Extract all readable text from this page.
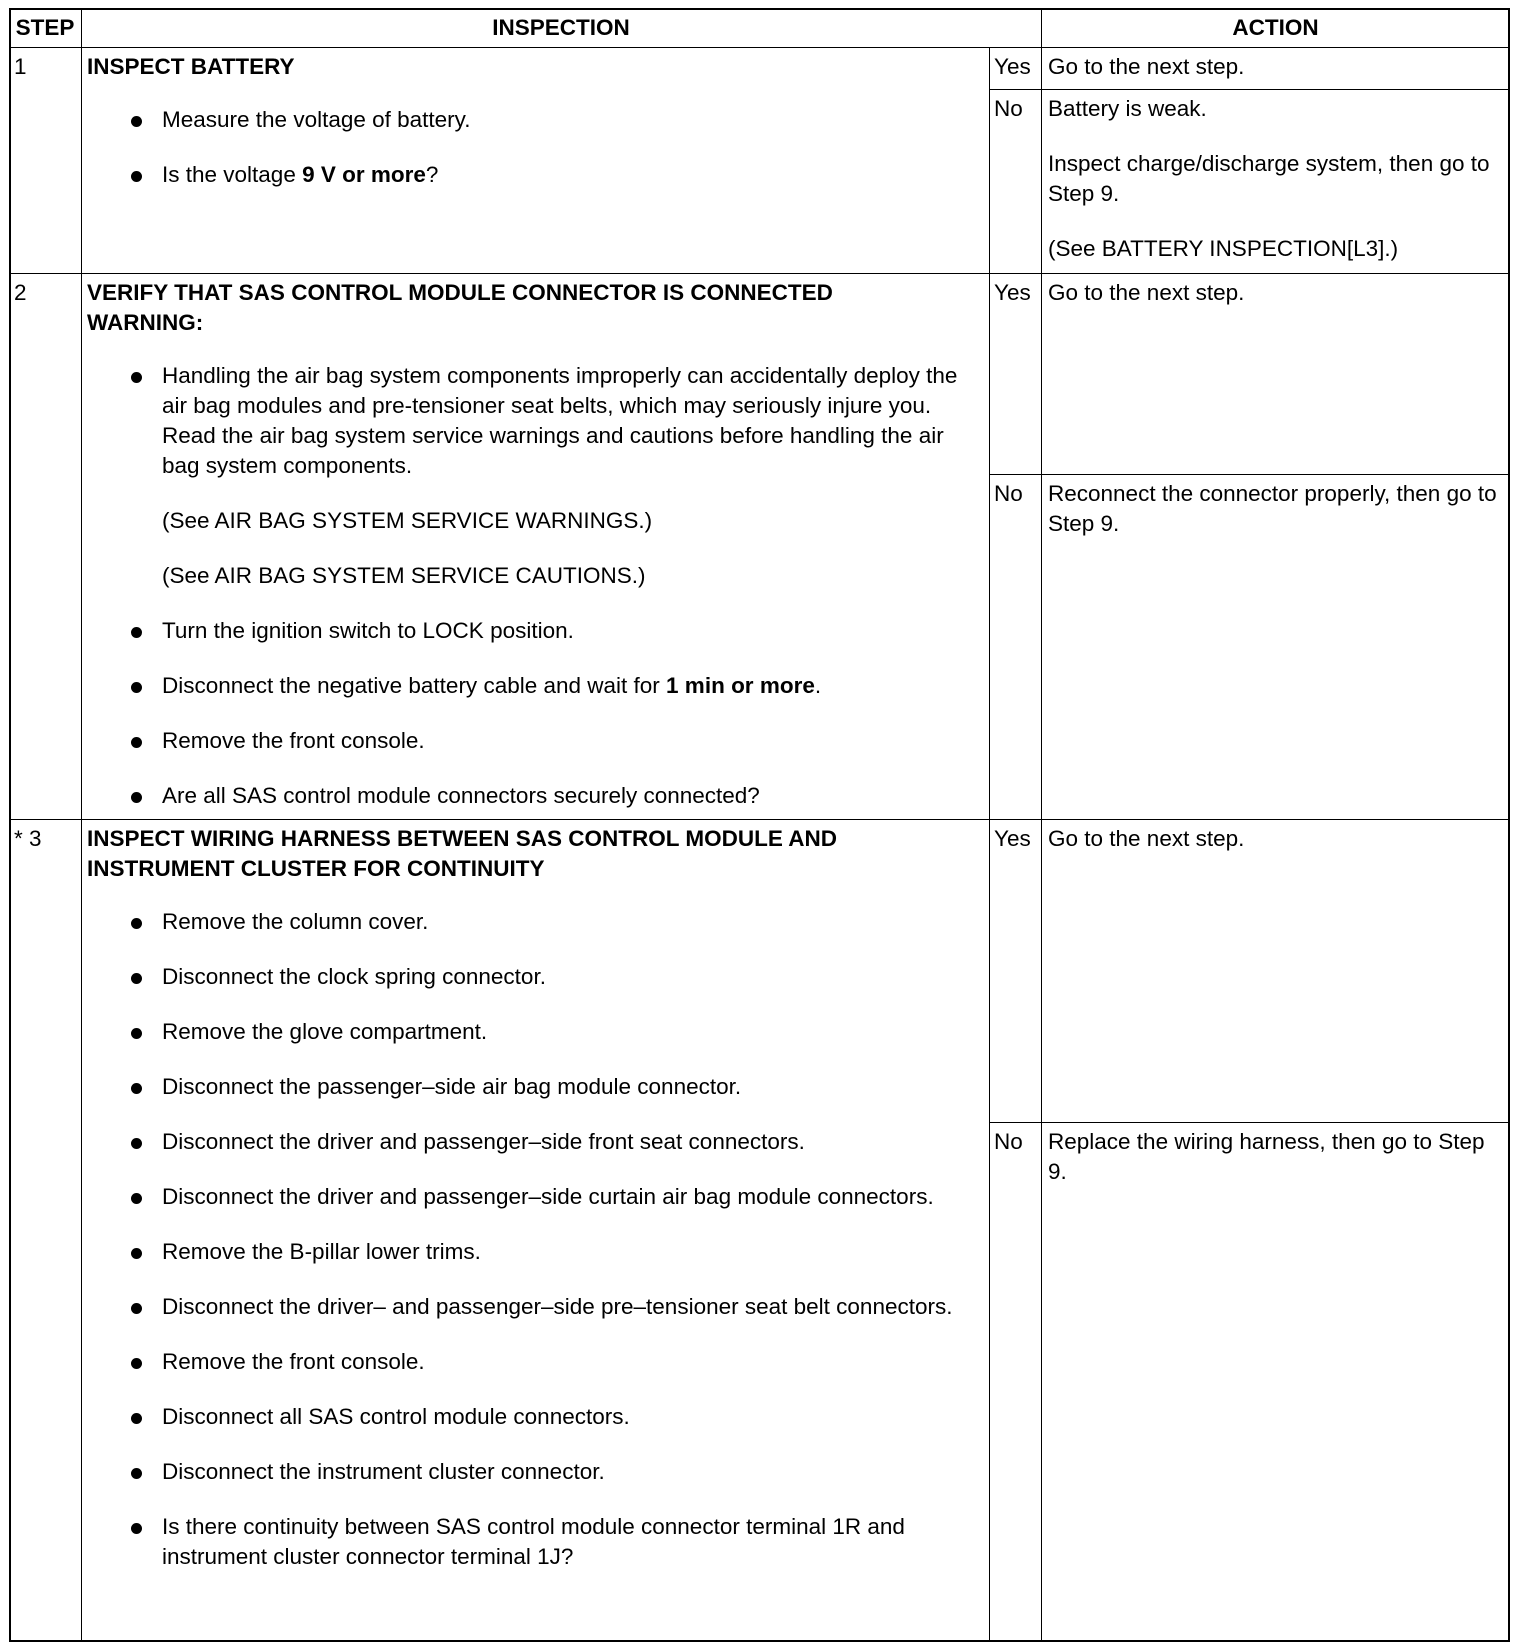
STEP	INSPECTION	ACTION
1	INSPECT BATTERY
Measure the voltage of battery.
Is the voltage 9 V or more?
Yes Go to the next step.

No	Battery is weak.

Inspect charge/discharge system, then go to Step 9.

(See BATTERY INSPECTION[L3].)

2	VERIFY THAT SAS CONTROL MODULE CONNECTOR IS CONNECTED
WARNING:
Handling the air bag system components improperly can accidentally deploy the air bag modules and pre-tensioner seat belts, which may seriously injure you. Read the air bag system service warnings and cautions before handling the air bag system components.
(See AIR BAG SYSTEM SERVICE WARNINGS.)
(See AIR BAG SYSTEM SERVICE CAUTIONS.)
Turn the ignition switch to LOCK position.
Disconnect the negative battery cable and wait for 1 min or more.
Remove the front console.
Are all SAS control module connectors securely connected?
Yes Go to the next step.

No	Reconnect the connector properly, then go to Step 9.

* 3	INSPECT WIRING HARNESS BETWEEN SAS CONTROL MODULE AND INSTRUMENT CLUSTER FOR CONTINUITY
Remove the column cover.
Disconnect the clock spring connector.
Remove the glove compartment.
Disconnect the passenger–side air bag module connector.
Disconnect the driver and passenger–side front seat connectors.
Disconnect the driver and passenger–side curtain air bag module connectors.
Remove the B-pillar lower trims.
Disconnect the driver– and passenger–side pre–tensioner seat belt connectors.
Remove the front console.
Disconnect all SAS control module connectors.
Disconnect the instrument cluster connector.
Is there continuity between SAS control module connector terminal 1R and instrument cluster connector terminal 1J?
Yes Go to the next step.

No	Replace the wiring harness, then go to Step 9.
